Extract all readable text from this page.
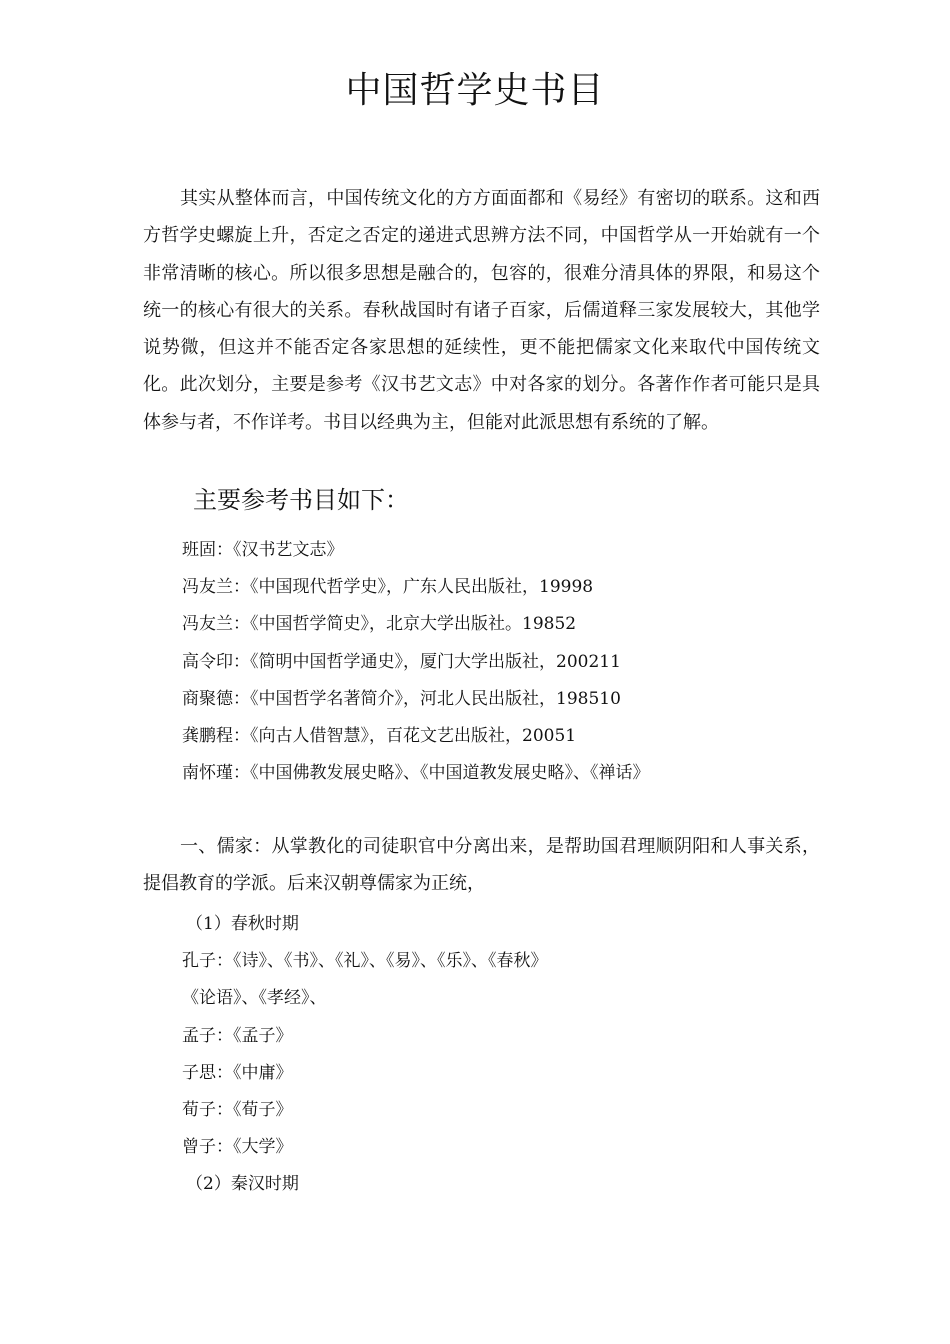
中国哲学史书目

其实从整体而言，中国传统文化的方方面面都和《易经》有密切的联系。这和西方哲学史螺旋上升，否定之否定的递进式思辨方法不同，中国哲学从一开始就有一个非常清晰的核心。所以很多思想是融合的，包容的，很难分清具体的界限，和易这个统一的核心有很大的关系。春秋战国时有诸子百家，后儒道释三家发展较大，其他学说势微，但这并不能否定各家思想的延续性，更不能把儒家文化来取代中国传统文化。此次划分，主要是参考《汉书艺文志》中对各家的划分。各著作作者可能只是具体参与者，不作详考。书目以经典为主，但能对此派思想有系统的了解。

主要参考书目如下：
班固：《汉书艺文志》
冯友兰：《中国现代哲学史》，广东人民出版社，19998
冯友兰：《中国哲学简史》，北京大学出版社。19852
高令印：《简明中国哲学通史》，厦门大学出版社，200211
商聚德：《中国哲学名著简介》，河北人民出版社，198510
龚鹏程：《向古人借智慧》，百花文艺出版社，20051
南怀瑾：《中国佛教发展史略》、《中国道教发展史略》、《禅话》

一、儒家：从掌教化的司徒职官中分离出来，是帮助国君理顺阴阳和人事关系，提倡教育的学派。后来汉朝尊儒家为正统，

（1）春秋时期
孔子：《诗》、《书》、《礼》、《易》、《乐》、《春秋》
《论语》、《孝经》、
孟子：《孟子》
子思：《中庸》
荀子：《荀子》
曾子：《大学》
（2）秦汉时期
